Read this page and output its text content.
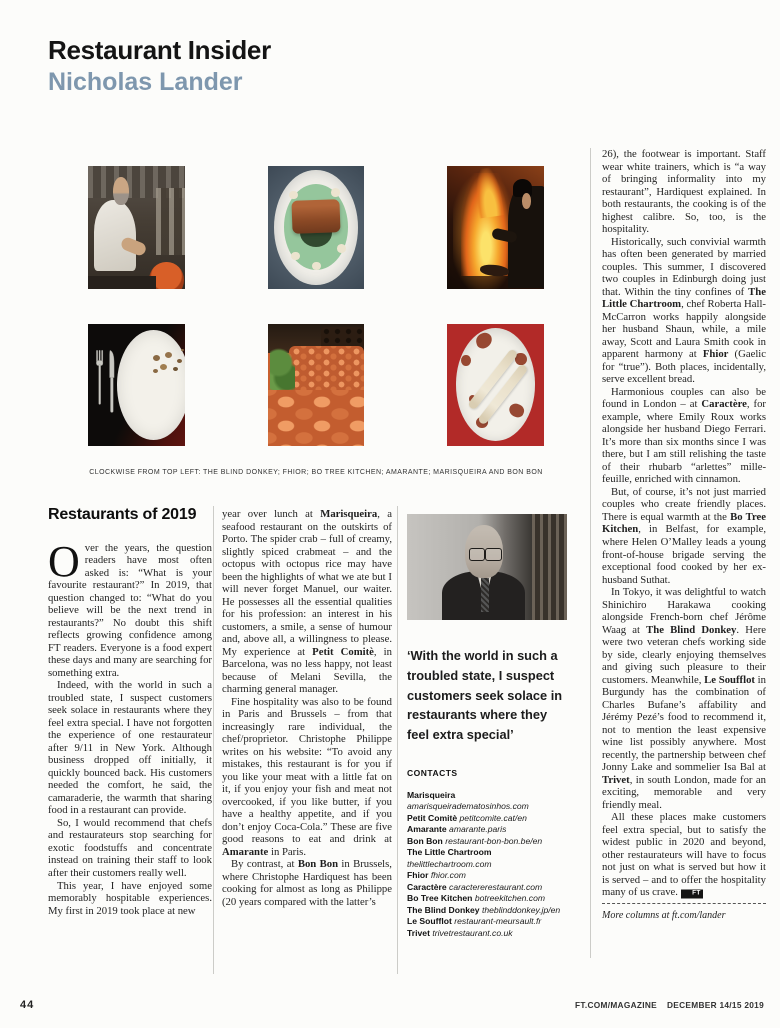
Restaurant Insider
Nicholas Lander
CLOCKWISE FROM TOP LEFT: THE BLIND DONKEY; FHIOR; BO TREE KITCHEN; AMARANTE; MARISQUEIRA AND BON BON
Restaurants of 2019

Over the years, the question readers have most often asked is: “What is your favourite restaurant?” In 2019, that question changed to: “What do you believe will be the next trend in restaurants?” No doubt this shift reflects growing confidence among FT readers. Everyone is a food expert these days and many are searching for something extra.

Indeed, with the world in such a troubled state, I suspect customers seek solace in restaurants where they feel extra special. I have not forgotten the experience of one restaurateur after 9/11 in New York. Although business dropped off initially, it quickly bounced back. His customers needed the comfort, he said, the camaraderie, the warmth that sharing food in a restaurant can provide.

So, I would recommend that chefs and restaurateurs stop searching for exotic foodstuffs and concentrate instead on training their staff to look after their customers really well.

This year, I have enjoyed some memorably hospitable experiences. My first in 2019 took place at new

year over lunch at Marisqueira, a seafood restaurant on the outskirts of Porto. The spider crab – full of creamy, slightly spiced crabmeat – and the octopus with octopus rice may have been the highlights of what we ate but I will never forget Manuel, our waiter. He possesses all the essential qualities for his profession: an interest in his customers, a smile, a sense of humour and, above all, a willingness to please. My experience at Petit Comitè, in Barcelona, was no less happy, not least because of Melani Sevilla, the charming general manager.

Fine hospitality was also to be found in Paris and Brussels – from that increasingly rare individual, the chef/proprietor. Christophe Philippe writes on his website: “To avoid any mistakes, this restaurant is for you if you like your meat with a little fat on it, if you enjoy your fish and meat not overcooked, if you like butter, if you have a healthy appetite, and if you don’t enjoy Coca-Cola.” These are five good reasons to eat and drink at Amarante in Paris.

By contrast, at Bon Bon in Brussels, where Christophe Hardiquest has been cooking for almost as long as Philippe (20 years compared with the latter’s

‘With the world in such a troubled state, I suspect customers seek solace in restaurants where they feel extra special’
CONTACTS
Marisqueira
amarisqueiradematosinhos.com
Petit Comitè petitcomite.cat/en
Amarante amarante.paris
Bon Bon restaurant-bon-bon.be/en
The Little Chartroom
thelittlechartroom.com
Fhior fhior.com
Caractère caractererestaurant.com
Bo Tree Kitchen botreekitchen.com
The Blind Donkey theblinddonkey.jp/en
Le Soufflot restaurant-meursault.fr
Trivet trivetrestaurant.co.uk

26), the footwear is important. Staff wear white trainers, which is “a way of bringing informality into my restaurant”, Hardiquest explained. In both restaurants, the cooking is of the highest calibre. So, too, is the hospitality.

Historically, such convivial warmth has often been generated by married couples. This summer, I discovered two couples in Edinburgh doing just that. Within the tiny confines of The Little Chartroom, chef Roberta Hall-McCarron works happily alongside her husband Shaun, while, a mile away, Scott and Laura Smith cook in apparent harmony at Fhior (Gaelic for “true”). Both places, incidentally, serve excellent bread.

Harmonious couples can also be found in London – at Caractère, for example, where Emily Roux works alongside her husband Diego Ferrari. It’s more than six months since I was there, but I am still relishing the taste of their rhubarb “arlettes” mille-feuille, enriched with cinnamon.

But, of course, it’s not just married couples who create friendly places. There is equal warmth at the Bo Tree Kitchen, in Belfast, for example, where Helen O’Malley leads a young front-of-house brigade serving the exceptional food cooked by her ex-husband Suthat.

In Tokyo, it was delightful to watch Shinichiro Harakawa cooking alongside French-born chef Jérôme Waag at The Blind Donkey. Here were two veteran chefs working side by side, clearly enjoying themselves and giving such pleasure to their customers. Meanwhile, Le Soufflot in Burgundy has the combination of Charles Bufane’s affability and Jérémy Pezé’s food to recommend it, not to mention the least expensive wine list possibly anywhere. Most recently, the partnership between chef Jonny Lake and sommelier Isa Bal at Trivet, in south London, made for an exciting, memorable and very friendly meal.

All these places make customers feel extra special, but to satisfy the widest public in 2020 and beyond, other restaurateurs will have to focus not just on what is served but how it is served – and to offer the hospitality many of us crave. FT

More columns at ft.com/lander
44	FT.COM/MAGAZINE DECEMBER 14/15 2019
